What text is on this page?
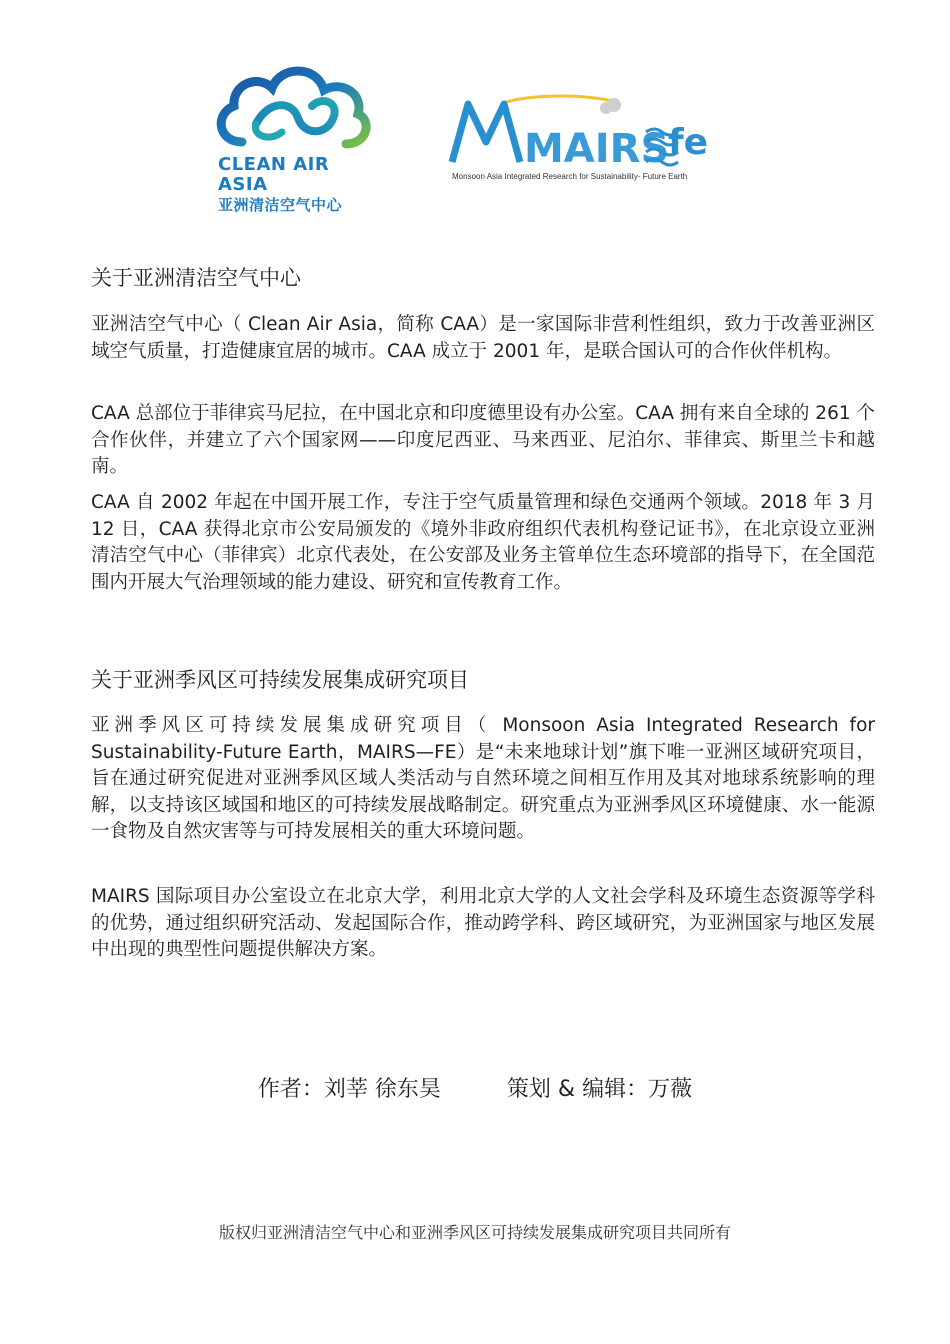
CLEAN AIR
ASIA
亚洲清洁空气中心
MAIRS
fe
Monsoon Asia Integrated Research for Sustainability- Future Earth
关于亚洲清洁空气中心

亚洲洁空气中心（ Clean Air Asia，简称 CAA）是一家国际非营利性组织，致力于改善亚洲区域空气质量，打造健康宜居的城市。CAA 成立于 2001 年，是联合国认可的合作伙伴机构。

CAA 总部位于菲律宾马尼拉，在中国北京和印度德里设有办公室。CAA 拥有来自全球的 261 个合作伙伴，并建立了六个国家网——印度尼西亚、马来西亚、尼泊尔、菲律宾、斯里兰卡和越南。

CAA 自 2002 年起在中国开展工作，专注于空气质量管理和绿色交通两个领域。2018 年 3 月 12 日，CAA 获得北京市公安局颁发的《境外非政府组织代表机构登记证书》，在北京设立亚洲清洁空气中心（菲律宾）北京代表处，在公安部及业务主管单位生态环境部的指导下，在全国范围内开展大气治理领域的能力建设、研究和宣传教育工作。

关于亚洲季风区可持续发展集成研究项目

亚洲季风区可持续发展集成研究项目（ Monsoon Asia Integrated Research for Sustainability-Future Earth，MAIRS—FE）是“未来地球计划”旗下唯一亚洲区域研究项目，旨在通过研究促进对亚洲季风区域人类活动与自然环境之间相互作用及其对地球系统影响的理解，以支持该区域国和地区的可持续发展战略制定。研究重点为亚洲季风区环境健康、水一能源一食物及自然灾害等与可持发展相关的重大环境问题。

MAIRS 国际项目办公室设立在北京大学，利用北京大学的人文社会学科及环境生态资源等学科的优势，通过组织研究活动、发起国际合作，推动跨学科、跨区域研究，为亚洲国家与地区发展中出现的典型性问题提供解决方案。

作者：刘莘 徐东昊	策划 & 编辑：万薇
版权归亚洲清洁空气中心和亚洲季风区可持续发展集成研究项目共同所有
